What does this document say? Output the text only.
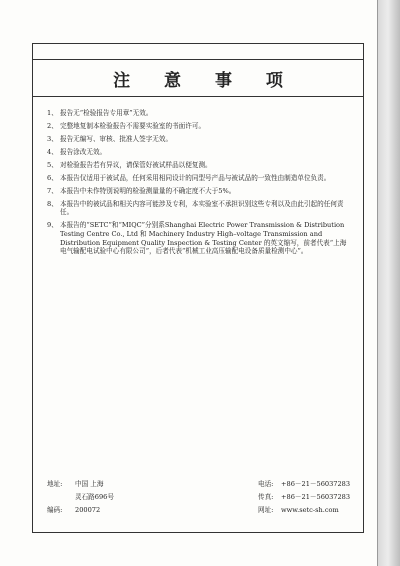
注 意 事 项
1、 报告无“检验报告专用章”无效。
2、 完整地复制本检验报告不需要实验室的书面许可。
3、 报告无编写、审核、批准人签字无效。
4、 报告涂改无效。
5、 对检验报告若有异议，请保管好被试样品以便复测。
6、 本报告仅适用于被试品，任何采用相同设计的同型号产品与被试品的一致性由制造单位负责。
7、 本报告中未作特别说明的检验测量量的不确定度不大于5%。
8、 本报告中的被试品和相关内容可能涉及专利，本实验室不承担识别这些专利以及由此引起的任何责任。
9、 本报告的“SETC”和“MIQC”分别系Shanghai Electric Power Transmission & Distribution Testing Centre Co., Ltd 和 Machinery Industry High–voltage Transmission and Distribution Equipment Quality Inspection & Testing Center 的英文缩写，前者代表“上海电气输配电试验中心有限公司”，后者代表“机械工业高压输配电设备质量检测中心”。
地址: 中国 上海
灵石路696号
编码: 200072
电话: +86－21－56037283
传真: +86－21－56037283
网址: www.setc-sh.com
